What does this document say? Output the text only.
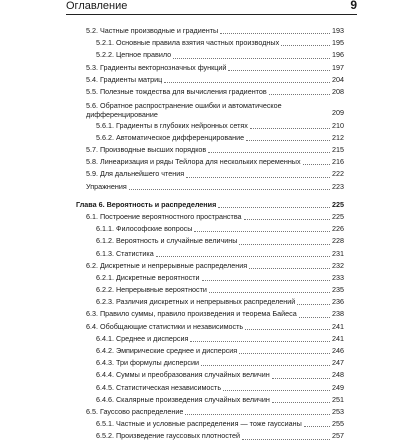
Оглавление	9
5.2. Частные производные и градиенты	193
5.2.1. Основные правила взятия частных производных	195
5.2.2. Цепное правило	196
5.3. Градиенты векторнозначных функций	197
5.4. Градиенты матриц	204
5.5. Полезные тождества для вычисления градиентов	208
5.6. Обратное распространение ошибки и автоматическое дифференцирование	209
5.6.1. Градиенты в глубоких нейронных сетях	210
5.6.2. Автоматическое дифференцирование	212
5.7. Производные высших порядков	215
5.8. Линеаризация и ряды Тейлора для нескольких переменных	216
5.9. Для дальнейшего чтения	222
Упражнения	223
Глава 6. Вероятность и распределения	225
6.1. Построение вероятностного пространства	225
6.1.1. Философские вопросы	226
6.1.2. Вероятность и случайные величины	228
6.1.3. Статистика	231
6.2. Дискретные и непрерывные распределения	232
6.2.1. Дискретные вероятности	233
6.2.2. Непрерывные вероятности	235
6.2.3. Различия дискретных и непрерывных распределений	236
6.3. Правило суммы, правило произведения и теорема Байеса	238
6.4. Обобщающие статистики и независимость	241
6.4.1. Среднее и дисперсия	241
6.4.2. Эмпирические среднее и дисперсия	246
6.4.3. Три формулы дисперсии	247
6.4.4. Суммы и преобразования случайных величин	248
6.4.5. Статистическая независимость	249
6.4.6. Скалярные произведения случайных величин	251
6.5. Гауссово распределение	253
6.5.1. Частные и условные распределения — тоже гауссианы	255
6.5.2. Произведение гауссовых плотностей	257
